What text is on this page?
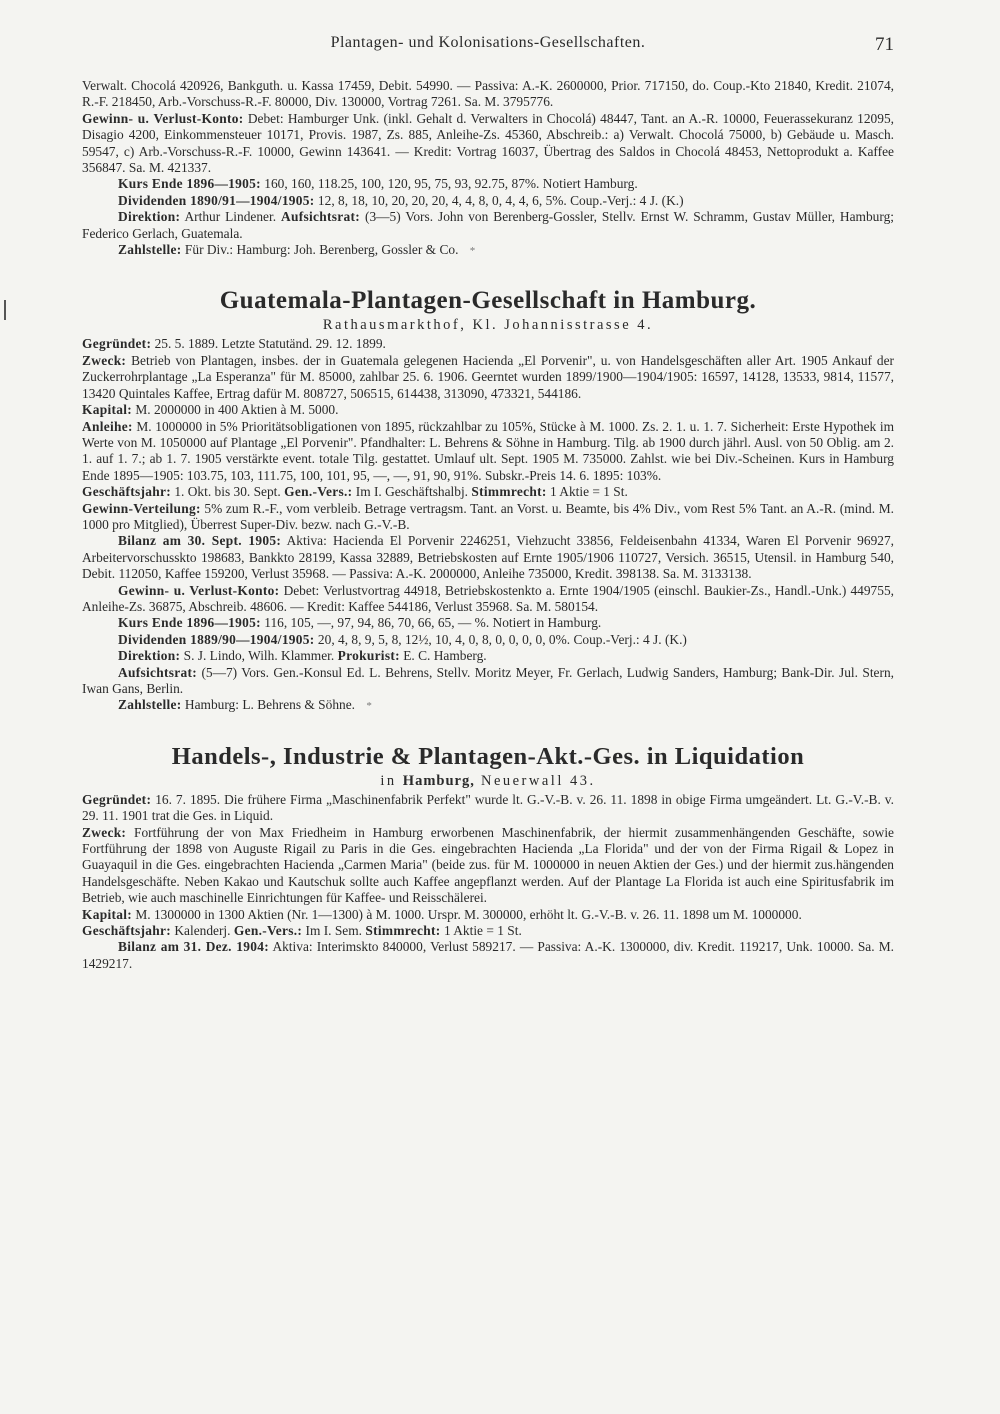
Plantagen- und Kolonisations-Gesellschaften.	71

Verwalt. Chocolá 420926, Bankguth. u. Kassa 17459, Debit. 54990. — Passiva: A.-K. 2600000, Prior. 717150, do. Coup.-Kto 21840, Kredit. 21074, R.-F. 218450, Arb.-Vorschuss-R.-F. 80000, Div. 130000, Vortrag 7261. Sa. M. 3795776.

Gewinn- u. Verlust-Konto: Debet: Hamburger Unk. (inkl. Gehalt d. Verwalters in Chocolá) 48447, Tant. an A.-R. 10000, Feuerassekuranz 12095, Disagio 4200, Einkommensteuer 10171, Provis. 1987, Zs. 885, Anleihe-Zs. 45360, Abschreib.: a) Verwalt. Chocolá 75000, b) Gebäude u. Masch. 59547, c) Arb.-Vorschuss-R.-F. 10000, Gewinn 143641. — Kredit: Vortrag 16037, Übertrag des Saldos in Chocolá 48453, Nettoprodukt a. Kaffee 356847. Sa. M. 421337.

Kurs Ende 1896—1905: 160, 160, 118.25, 100, 120, 95, 75, 93, 92.75, 87%. Notiert Hamburg.

Dividenden 1890/91—1904/1905: 12, 8, 18, 10, 20, 20, 20, 4, 4, 8, 0, 4, 4, 6, 5%. Coup.-Verj.: 4 J. (K.)

Direktion: Arthur Lindener. Aufsichtsrat: (3—5) Vors. John von Berenberg-Gossler, Stellv. Ernst W. Schramm, Gustav Müller, Hamburg; Federico Gerlach, Guatemala.

Zahlstelle: Für Div.: Hamburg: Joh. Berenberg, Gossler & Co. *

Guatemala-Plantagen-Gesellschaft in Hamburg.
Rathausmarkthof, Kl. Johannisstrasse 4.

Gegründet: 25. 5. 1889. Letzte Statutänd. 29. 12. 1899.

Zweck: Betrieb von Plantagen, insbes. der in Guatemala gelegenen Hacienda „El Porvenir", u. von Handelsgeschäften aller Art. 1905 Ankauf der Zuckerrohrplantage „La Esperanza" für M. 85000, zahlbar 25. 6. 1906. Geerntet wurden 1899/1900—1904/1905: 16597, 14128, 13533, 9814, 11577, 13420 Quintales Kaffee, Ertrag dafür M. 808727, 506515, 614438, 313090, 473321, 544186.

Kapital: M. 2000000 in 400 Aktien à M. 5000.

Anleihe: M. 1000000 in 5% Prioritätsobligationen von 1895, rückzahlbar zu 105%, Stücke à M. 1000. Zs. 2. 1. u. 1. 7. Sicherheit: Erste Hypothek im Werte von M. 1050000 auf Plantage „El Porvenir". Pfandhalter: L. Behrens & Söhne in Hamburg. Tilg. ab 1900 durch jährl. Ausl. von 50 Oblig. am 2. 1. auf 1. 7.; ab 1. 7. 1905 verstärkte event. totale Tilg. gestattet. Umlauf ult. Sept. 1905 M. 735000. Zahlst. wie bei Div.-Scheinen. Kurs in Hamburg Ende 1895—1905: 103.75, 103, 111.75, 100, 101, 95, —, —, 91, 90, 91%. Subskr.-Preis 14. 6. 1895: 103%.

Geschäftsjahr: 1. Okt. bis 30. Sept. Gen.-Vers.: Im I. Geschäftshalbj. Stimmrecht: 1 Aktie = 1 St.

Gewinn-Verteilung: 5% zum R.-F., vom verbleib. Betrage vertragsm. Tant. an Vorst. u. Beamte, bis 4% Div., vom Rest 5% Tant. an A.-R. (mind. M. 1000 pro Mitglied), Überrest Super-Div. bezw. nach G.-V.-B.

Bilanz am 30. Sept. 1905: Aktiva: Hacienda El Porvenir 2246251, Viehzucht 33856, Feldeisenbahn 41334, Waren El Porvenir 96927, Arbeitervorschusskto 198683, Bankkto 28199, Kassa 32889, Betriebskosten auf Ernte 1905/1906 110727, Versich. 36515, Utensil. in Hamburg 540, Debit. 112050, Kaffee 159200, Verlust 35968. — Passiva: A.-K. 2000000, Anleihe 735000, Kredit. 398138. Sa. M. 3133138.

Gewinn- u. Verlust-Konto: Debet: Verlustvortrag 44918, Betriebskostenkto a. Ernte 1904/1905 (einschl. Baukier-Zs., Handl.-Unk.) 449755, Anleihe-Zs. 36875, Abschreib. 48606. — Kredit: Kaffee 544186, Verlust 35968. Sa. M. 580154.

Kurs Ende 1896—1905: 116, 105, —, 97, 94, 86, 70, 66, 65, — %. Notiert in Hamburg.

Dividenden 1889/90—1904/1905: 20, 4, 8, 9, 5, 8, 12½, 10, 4, 0, 8, 0, 0, 0, 0, 0%. Coup.-Verj.: 4 J. (K.)

Direktion: S. J. Lindo, Wilh. Klammer. Prokurist: E. C. Hamberg.

Aufsichtsrat: (5—7) Vors. Gen.-Konsul Ed. L. Behrens, Stellv. Moritz Meyer, Fr. Gerlach, Ludwig Sanders, Hamburg; Bank-Dir. Jul. Stern, Iwan Gans, Berlin.

Zahlstelle: Hamburg: L. Behrens & Söhne. *

Handels-, Industrie & Plantagen-Akt.-Ges. in Liquidation
in Hamburg, Neuerwall 43.

Gegründet: 16. 7. 1895. Die frühere Firma „Maschinenfabrik Perfekt" wurde lt. G.-V.-B. v. 26. 11. 1898 in obige Firma umgeändert. Lt. G.-V.-B. v. 29. 11. 1901 trat die Ges. in Liquid.

Zweck: Fortführung der von Max Friedheim in Hamburg erworbenen Maschinenfabrik, der hiermit zusammenhängenden Geschäfte, sowie Fortführung der 1898 von Auguste Rigail zu Paris in die Ges. eingebrachten Hacienda „La Florida" und der von der Firma Rigail & Lopez in Guayaquil in die Ges. eingebrachten Hacienda „Carmen Maria" (beide zus. für M. 1000000 in neuen Aktien der Ges.) und der hiermit zus.hängenden Handelsgeschäfte. Neben Kakao und Kautschuk sollte auch Kaffee angepflanzt werden. Auf der Plantage La Florida ist auch eine Spiritusfabrik im Betrieb, wie auch maschinelle Einrichtungen für Kaffee- und Reisschälerei.

Kapital: M. 1300000 in 1300 Aktien (Nr. 1—1300) à M. 1000. Urspr. M. 300000, erhöht lt. G.-V.-B. v. 26. 11. 1898 um M. 1000000.

Geschäftsjahr: Kalenderj. Gen.-Vers.: Im I. Sem. Stimmrecht: 1 Aktie = 1 St.

Bilanz am 31. Dez. 1904: Aktiva: Interimskto 840000, Verlust 589217. — Passiva: A.-K. 1300000, div. Kredit. 119217, Unk. 10000. Sa. M. 1429217.
